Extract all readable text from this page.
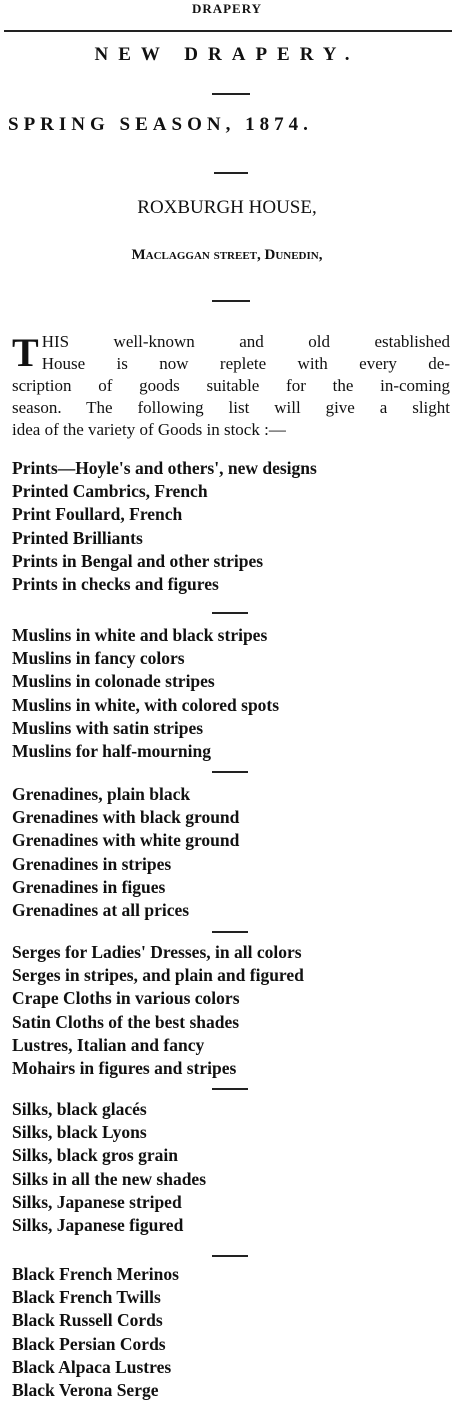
DRAPERY
NEW DRAPERY.
SPRING SEASON, 1874.
ROXBURGH HOUSE,
Maclaggan street, Dunedin,
T HIS well-known and old established
House is now replete with every de-
scription of goods suitable for the in-coming
season. The following list will give a slight
idea of the variety of Goods in stock :—
Prints—Hoyle's and others', new designs
Printed Cambrics, French
Print Foullard, French
Printed Brilliants
Prints in Bengal and other stripes
Prints in checks and figures
Muslins in white and black stripes
Muslins in fancy colors
Muslins in colonade stripes
Muslins in white, with colored spots
Muslins with satin stripes
Muslins for half-mourning
Grenadines, plain black
Grenadines with black ground
Grenadines with white ground
Grenadines in stripes
Grenadines in figues
Grenadines at all prices
Serges for Ladies' Dresses, in all colors
Serges in stripes, and plain and figured
Crape Cloths in various colors
Satin Cloths of the best shades
Lustres, Italian and fancy
Mohairs in figures and stripes
Silks, black glacés
Silks, black Lyons
Silks, black gros grain
Silks in all the new shades
Silks, Japanese striped
Silks, Japanese figured
Black French Merinos
Black French Twills
Black Russell Cords
Black Persian Cords
Black Alpaca Lustres
Black Verona Serge
